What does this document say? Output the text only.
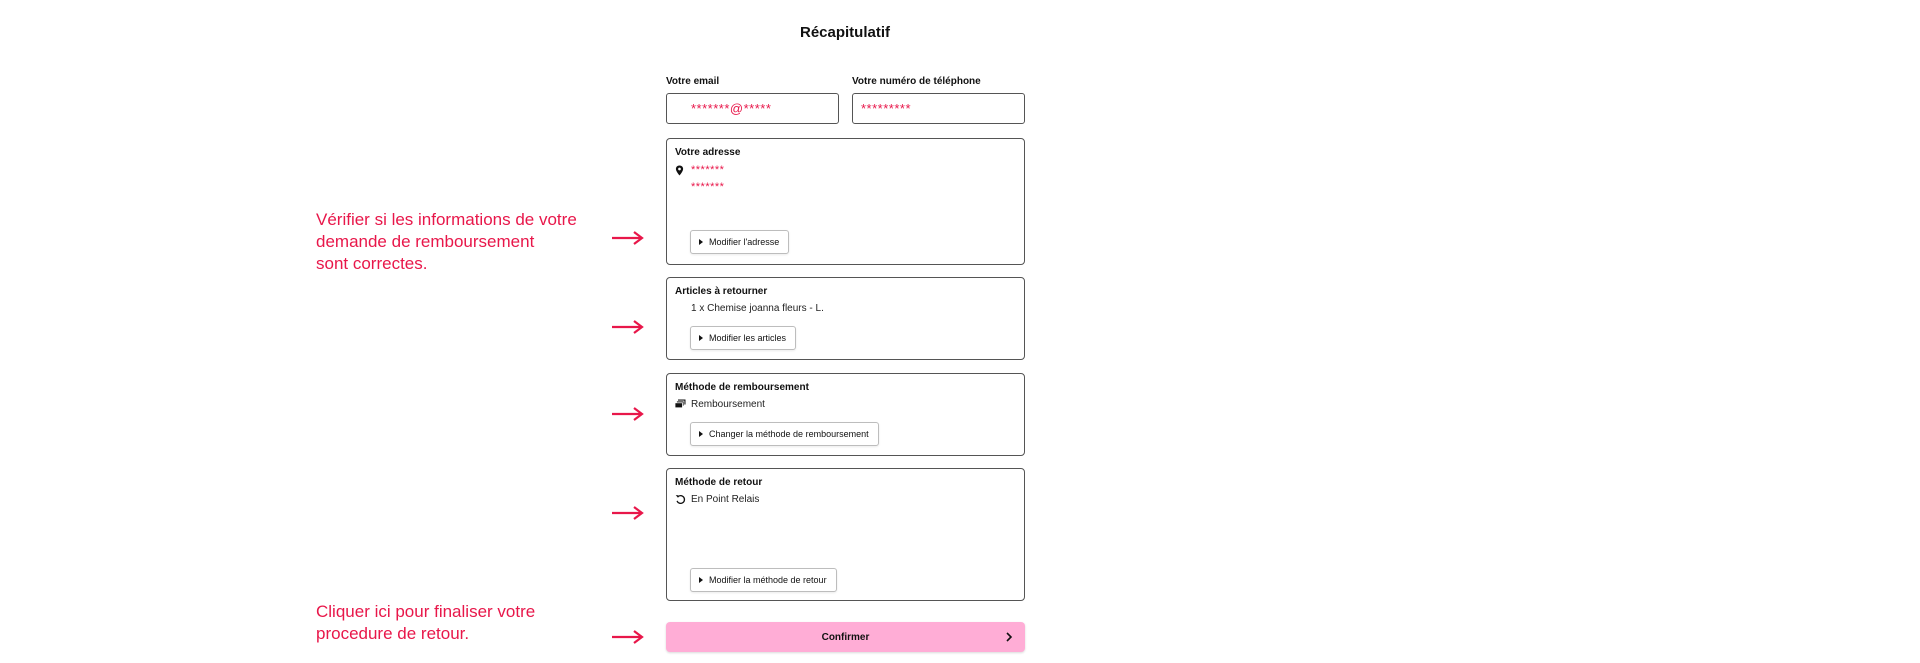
Récapitulatif
Votre email
*******@*****
Votre numéro de téléphone
*********
Votre adresse
*******
*******
Modifier l'adresse
Articles à retourner
1 x Chemise joanna fleurs - L.
Modifier les articles
Méthode de remboursement
Remboursement
Changer la méthode de remboursement
Méthode de retour
En Point Relais
Modifier la méthode de retour
Confirmer
Vérifier si les informations de votre
demande de remboursement
sont correctes.
Cliquer ici pour finaliser votre
procedure de retour.
